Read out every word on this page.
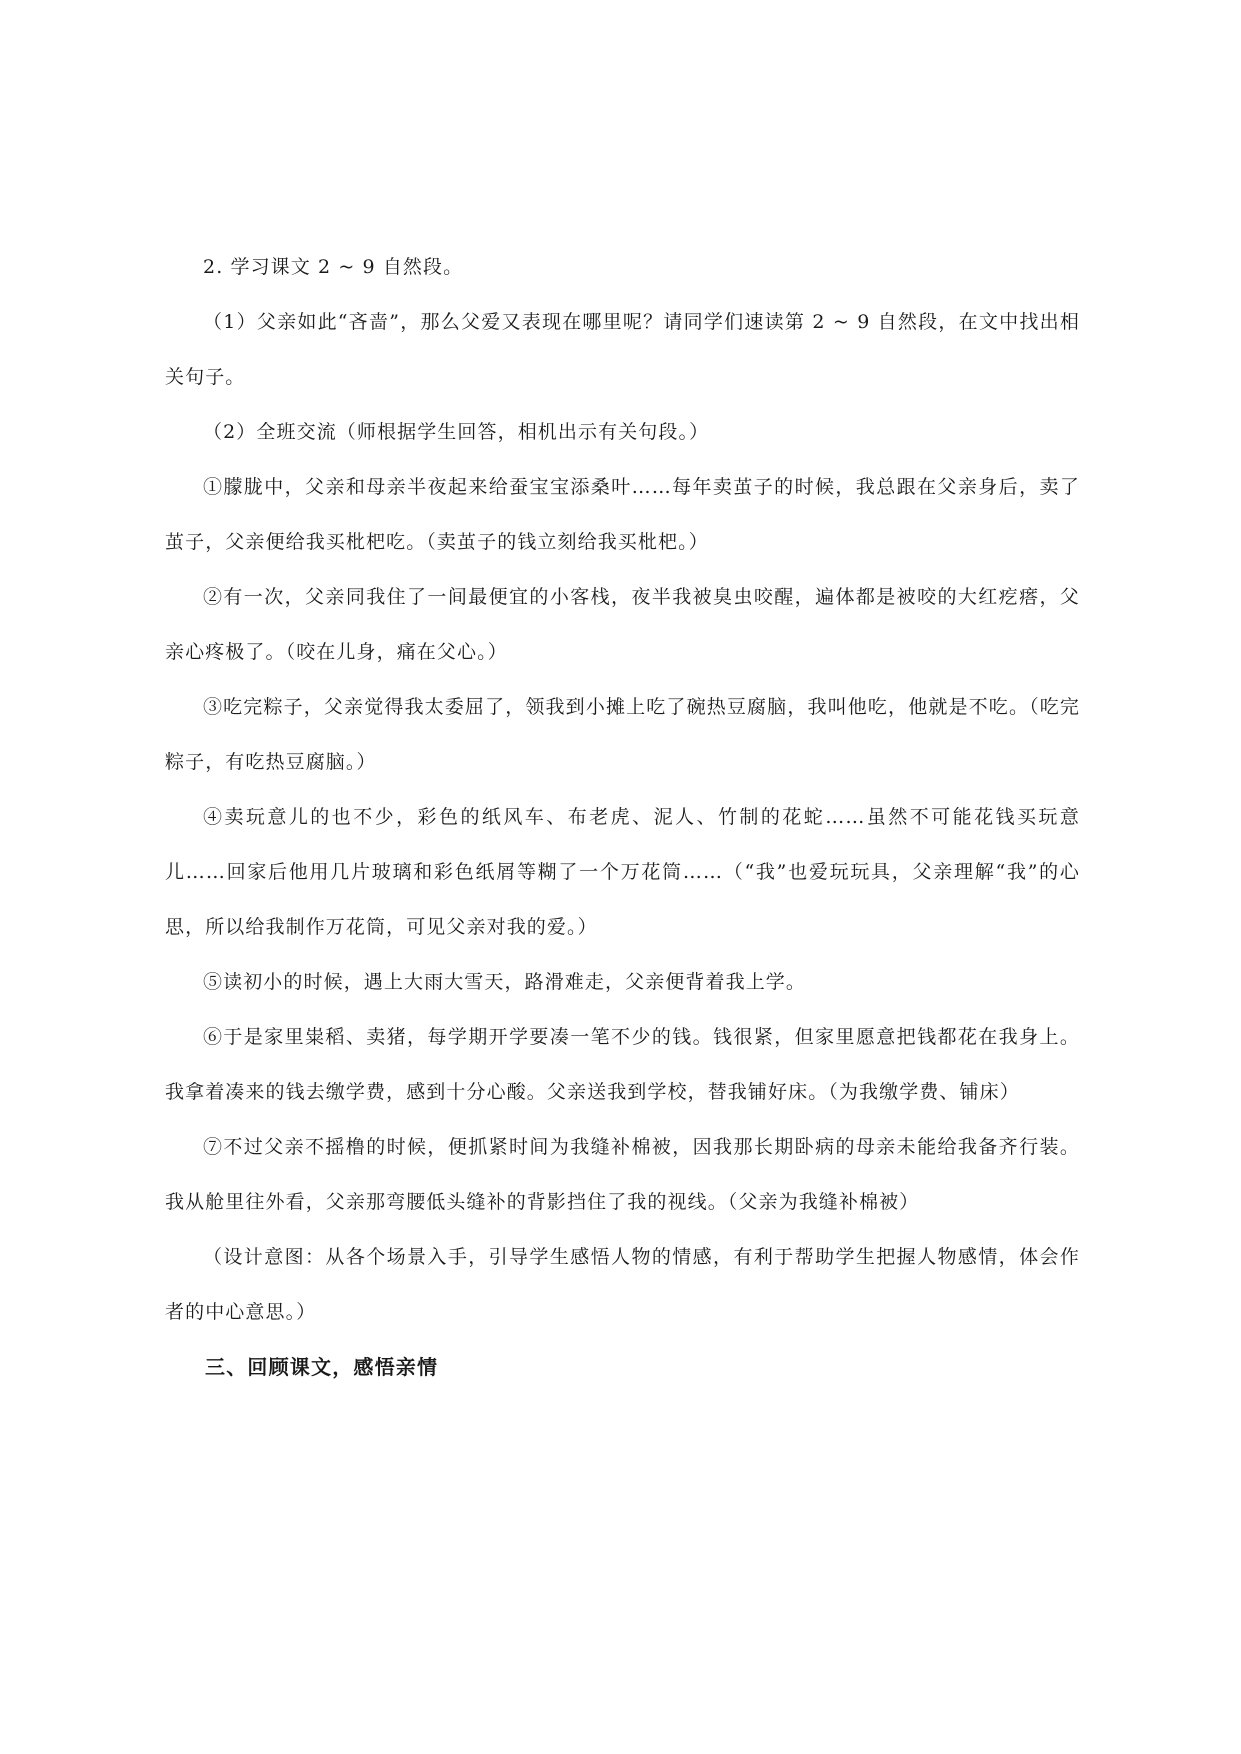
2. 学习课文 2 ~ 9 自然段。

（1）父亲如此“吝啬”，那么父爱又表现在哪里呢？请同学们速读第 2 ~ 9 自然段，在文中找出相关句子。

（2）全班交流（师根据学生回答，相机出示有关句段。）

①朦胧中，父亲和母亲半夜起来给蚕宝宝添桑叶……每年卖茧子的时候，我总跟在父亲身后，卖了茧子，父亲便给我买枇杷吃。（卖茧子的钱立刻给我买枇杷。）

②有一次，父亲同我住了一间最便宜的小客栈，夜半我被臭虫咬醒，遍体都是被咬的大红疙瘩，父亲心疼极了。（咬在儿身，痛在父心。）

③吃完粽子，父亲觉得我太委屈了，领我到小摊上吃了碗热豆腐脑，我叫他吃，他就是不吃。（吃完粽子，有吃热豆腐脑。）

④卖玩意儿的也不少，彩色的纸风车、布老虎、泥人、竹制的花蛇……虽然不可能花钱买玩意儿……回家后他用几片玻璃和彩色纸屑等糊了一个万花筒……（“我”也爱玩玩具，父亲理解“我”的心思，所以给我制作万花筒，可见父亲对我的爱。）

⑤读初小的时候，遇上大雨大雪天，路滑难走，父亲便背着我上学。

⑥于是家里粜稻、卖猪，每学期开学要凑一笔不少的钱。钱很紧，但家里愿意把钱都花在我身上。我拿着凑来的钱去缴学费，感到十分心酸。父亲送我到学校，替我铺好床。（为我缴学费、铺床）

⑦不过父亲不摇橹的时候，便抓紧时间为我缝补棉被，因我那长期卧病的母亲未能给我备齐行装。我从舱里往外看，父亲那弯腰低头缝补的背影挡住了我的视线。（父亲为我缝补棉被）

（设计意图：从各个场景入手，引导学生感悟人物的情感，有利于帮助学生把握人物感情，体会作者的中心意思。）

三、回顾课文，感悟亲情
